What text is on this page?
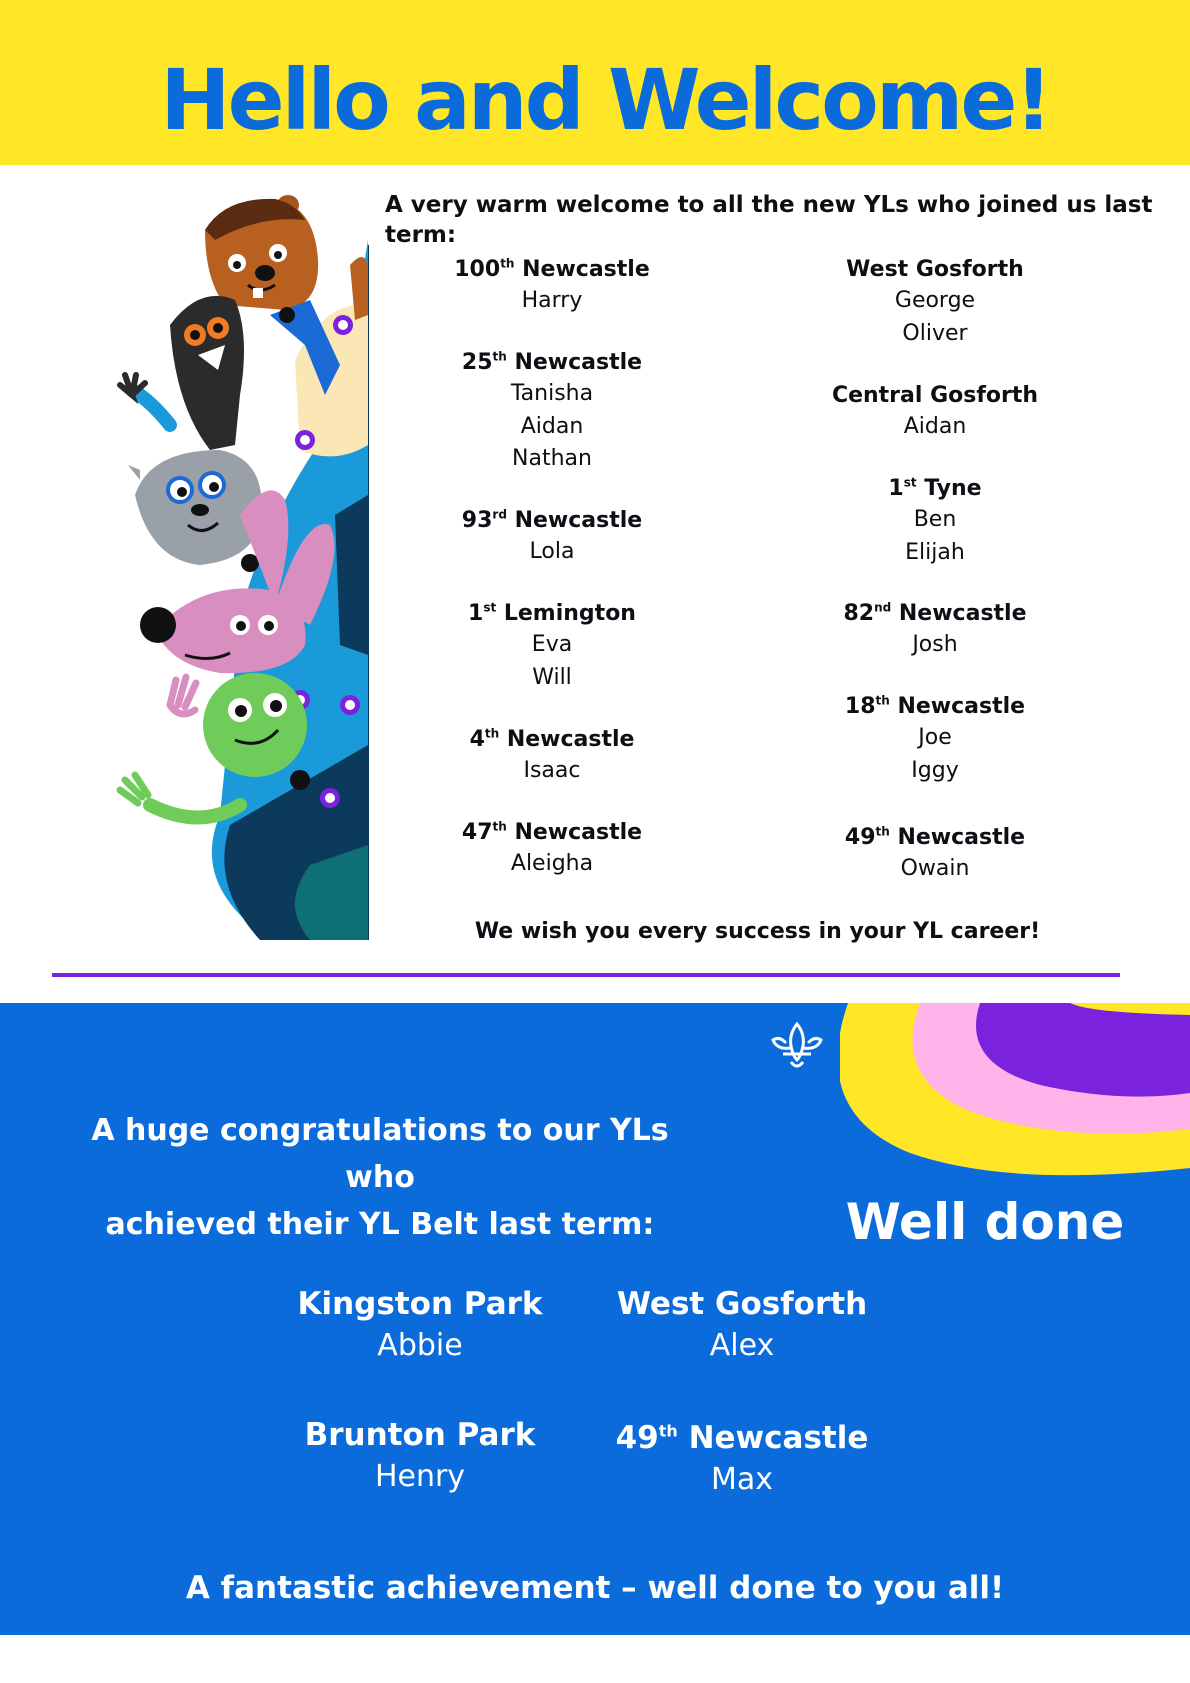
Hello and Welcome!
A very warm welcome to all the new YLs who joined us last term:
100th Newcastle
Harry
25th Newcastle
Tanisha
Aidan
Nathan
93rd Newcastle
Lola
1st Lemington
Eva
Will
4th Newcastle
Isaac
47th Newcastle
Aleigha
West Gosforth
George
Oliver
Central Gosforth
Aidan
1st Tyne
Ben
Elijah
82nd Newcastle
Josh
18th Newcastle
Joe
Iggy
49th Newcastle
Owain
We wish you every success in your YL career!
A huge congratulations to our YLs who
achieved their YL Belt last term:	Well done
Kingston Park
Abbie
West Gosforth
Alex
Brunton Park
Henry
49th Newcastle
Max
A fantastic achievement – well done to you all!
